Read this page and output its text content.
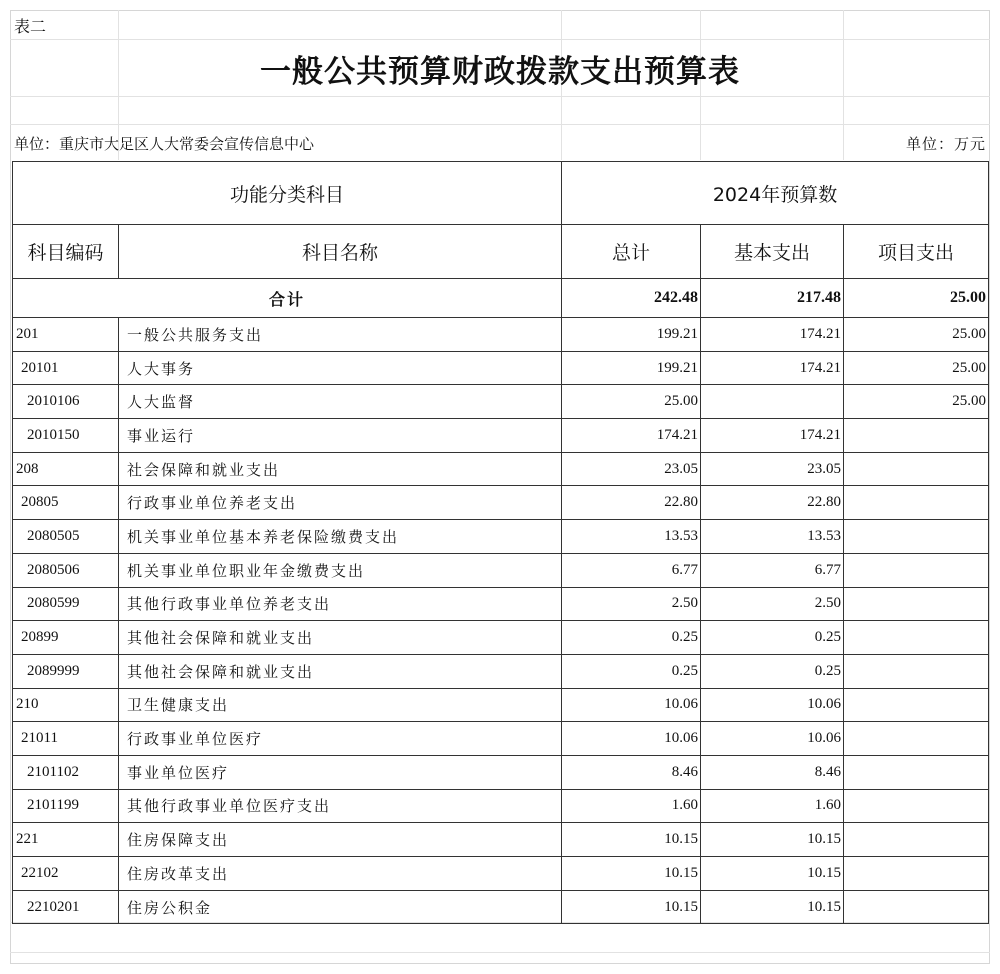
表二
一般公共预算财政拨款支出预算表
单位：重庆市大足区人大常委会宣传信息中心	单位：万元
功能分类科目		2024年预算数		
科目编码	科目名称	总计	基本支出	项目支出
合计		242.48	217.48	25.00
201	一般公共服务支出	199.21	174.21	25.00
20101	人大事务	199.21	174.21	25.00
2010106	人大监督	25.00		25.00
2010150	事业运行	174.21	174.21	
208	社会保障和就业支出	23.05	23.05	
20805	行政事业单位养老支出	22.80	22.80	
2080505	机关事业单位基本养老保险缴费支出	13.53	13.53	
2080506	机关事业单位职业年金缴费支出	6.77	6.77	
2080599	其他行政事业单位养老支出	2.50	2.50	
20899	其他社会保障和就业支出	0.25	0.25	
2089999	其他社会保障和就业支出	0.25	0.25	
210	卫生健康支出	10.06	10.06	
21011	行政事业单位医疗	10.06	10.06	
2101102	事业单位医疗	8.46	8.46	
2101199	其他行政事业单位医疗支出	1.60	1.60	
221	住房保障支出	10.15	10.15	
22102	住房改革支出	10.15	10.15	
2210201	住房公积金	10.15	10.15	
